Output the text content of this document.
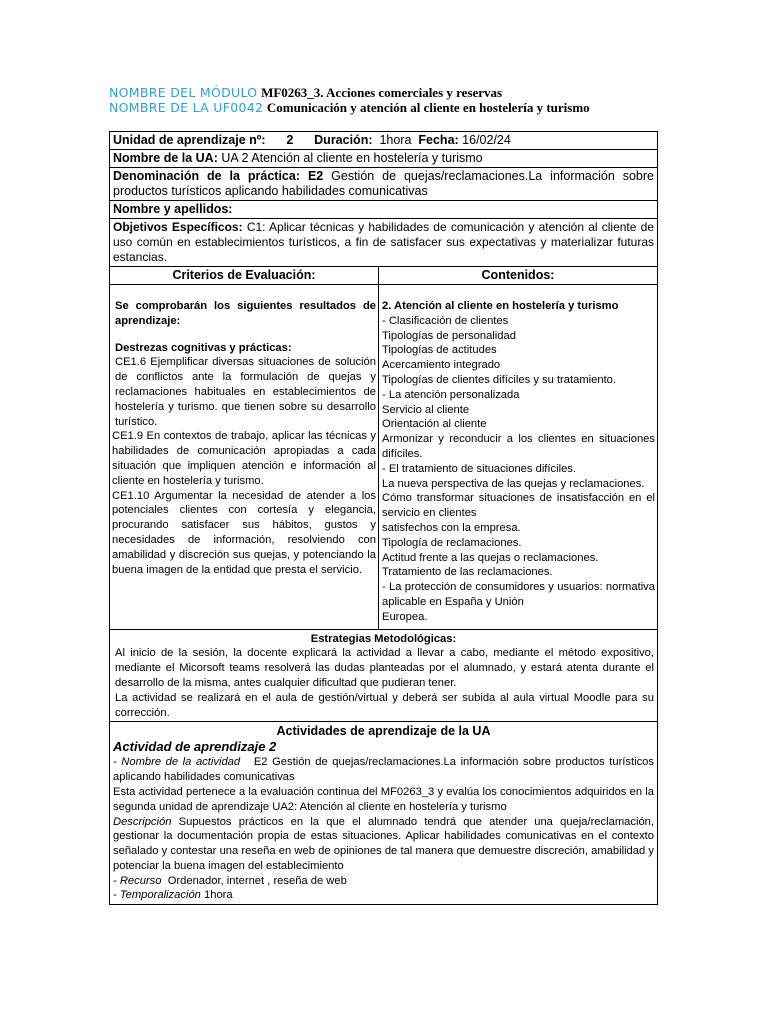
NOMBRE DEL MÓDULO MF0263_3. Acciones comerciales y reservas
NOMBRE DE LA UF0042 Comunicación y atención al cliente en hostelería y turismo
Unidad de aprendizaje nº: 2 Duración: 1hora Fecha: 16/02/24
Nombre de la UA: UA 2 Atención al cliente en hostelería y turismo
Denominación de la práctica: E2 Gestión de quejas/reclamaciones.La información sobre productos turísticos aplicando habilidades comunicativas
Nombre y apellidos:
Objetivos Específicos: C1: Aplicar técnicas y habilidades de comunicación y atención al cliente de uso común en establecimientos turísticos, a fin de satisfacer sus expectativas y materializar futuras estancias.
Criterios de Evaluación:	Contenidos:
Se comprobarán los siguientes resultados de aprendizaje:
Destrezas cognitivas y prácticas:
CE1.6 Ejemplificar diversas situaciones de solución de conflictos ante la formulación de quejas y reclamaciones habituales en establecimientos de hostelería y turismo. que tienen sobre su desarrollo turístico.
CE1.9 En contextos de trabajo, aplicar las técnicas y habilidades de comunicación apropiadas a cada situación que impliquen atención e información al cliente en hostelería y turismo.
CE1.10 Argumentar la necesidad de atender a los potenciales clientes con cortesía y elegancia, procurando satisfacer sus hábitos, gustos y necesidades de información, resolviendo con amabilidad y discreción sus quejas, y potenciando la buena imagen de la entidad que presta el servicio.
2. Atención al cliente en hostelería y turismo
- Clasificación de clientes
Tipologías de personalidad
Tipologías de actitudes
Acercamiento integrado
Tipologías de clientes difíciles y su tratamiento.
- La atención personalizada
Servicio al cliente
Orientación al cliente
Armonizar y reconducir a los clientes en situaciones difíciles.
- El tratamiento de situaciones difíciles.
La nueva perspectiva de las quejas y reclamaciones.
Cómo transformar situaciones de insatisfacción en el servicio en clientes
satisfechos con la empresa.
Tipología de reclamaciones.
Actitud frente a las quejas o reclamaciones.
Tratamiento de las reclamaciones.
- La protección de consumidores y usuarios: normativa aplicable en España y Unión
Europea.
Estrategias Metodológicas:
Al inicio de la sesión, la docente explicará la actividad a llevar a cabo, mediante el método expositivo, mediante el Micorsoft teams resolverá las dudas planteadas por el alumnado, y estará atenta durante el desarrollo de la misma, antes cualquier dificultad que pudieran tener.
La actividad se realizará en el aula de gestión/virtual y deberá ser subida al aula virtual Moodle para su corrección.
Actividades de aprendizaje de la UA
Actividad de aprendizaje 2
- Nombre de la actividad E2 Gestión de quejas/reclamaciones.La información sobre productos turísticos aplicando habilidades comunicativas
Esta actividad pertenece a la evaluación continua del MF0263_3 y evalúa los conocimientos adquiridos en la segunda unidad de aprendizaje UA2: Atención al cliente en hostelería y turismo
Descripción Supuestos prácticos en la que el alumnado tendrá que atender una queja/reclamación, gestionar la documentación propia de estas situaciones. Aplicar habilidades comunicativas en el contexto señalado y contestar una reseña en web de opiniones de tal manera que demuestre discreción, amabilidad y potenciar la buena imagen del establecimiento
- Recurso Ordenador, internet , reseña de web
- Temporalización 1hora
